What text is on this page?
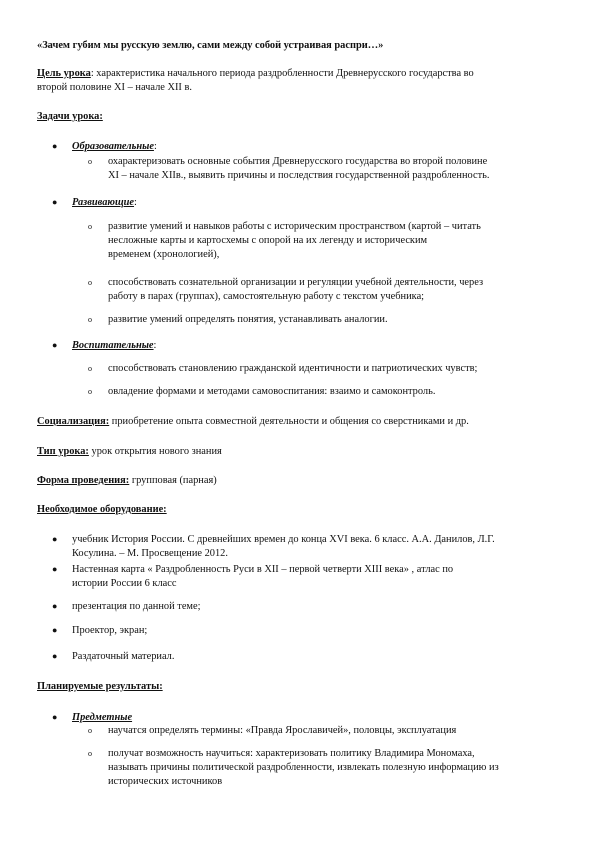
«Зачем губим мы русскую землю, сами между собой устраивая распри…»
Цель урока: характеристика начального периода раздробленности Древнерусского государства во
второй половине XI – начале XII в.
Задачи урока:
● Образовательные:
o охарактеризовать основные события Древнерусского государства во второй половине
XI – начале XIIв., выявить причины и последствия государственной раздробленность.
● Развивающие:
o развитие умений и навыков работы с историческим пространством (картой – читать
несложные карты и картосхемы с опорой на их легенду и историческим
временем (хронологией),
o способствовать сознательной организации и регуляции учебной деятельности, через
работу в парах (группах), самостоятельную работу с текстом учебника;
o развитие умений определять понятия, устанавливать аналогии.
● Воспитательные:
o способствовать становлению гражданской идентичности и патриотических чувств;
o овладение формами и методами самовоспитания: взаимо и самоконтроль.
Социализация: приобретение опыта совместной деятельности и общения со сверстниками и др.
Тип урока: урок открытия нового знания
Форма проведения: групповая (парная)
Необходимое оборудование:
● учебник История России. С древнейших времен до конца XVI века. 6 класс. А.А. Данилов, Л.Г.
Косулина. – М. Просвещение 2012.
● Настенная карта « Раздробленность Руси в XII – первой четверти XIII века» , атлас по
истории России 6 класс
● презентация по данной теме;
● Проектор, экран;
● Раздаточный материал.
Планируемые результаты:
● Предметные
o научатся определять термины: «Правда Ярославичей», половцы, эксплуатация
o получат возможность научиться: характеризовать политику Владимира Мономаха,
называть причины политической раздробленности, извлекать полезную информацию из
исторических источников
